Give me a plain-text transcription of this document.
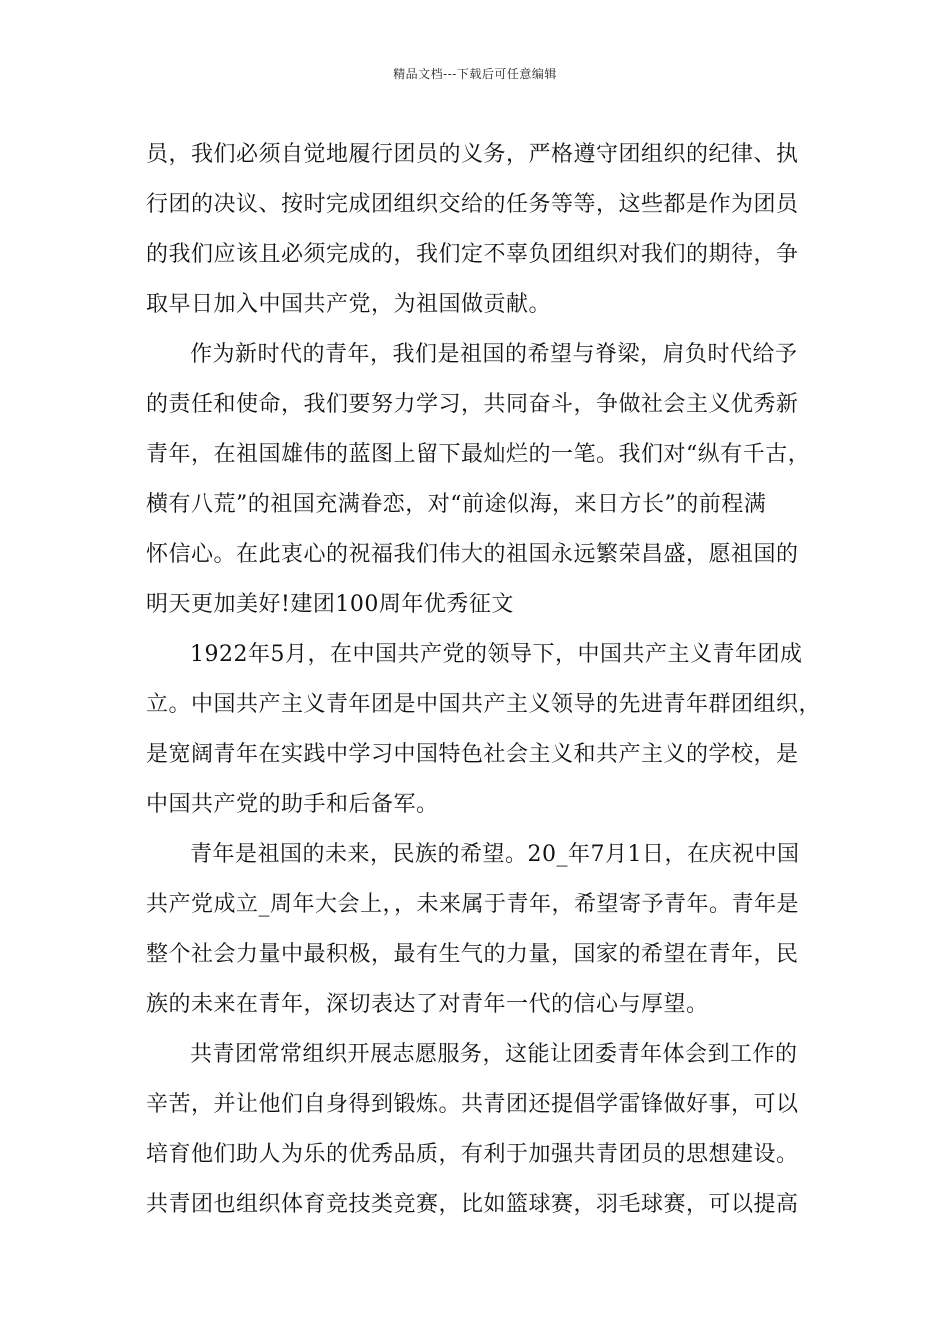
精品文档---下载后可任意编辑
员，我们必须自觉地履行团员的义务，严格遵守团组织的纪律、执
行团的决议、按时完成团组织交给的任务等等，这些都是作为团员
的我们应该且必须完成的，我们定不辜负团组织对我们的期待，争
取早日加入中国共产党，为祖国做贡献。
作为新时代的青年，我们是祖国的希望与脊梁，肩负时代给予
的责任和使命，我们要努力学习，共同奋斗，争做社会主义优秀新
青年，在祖国雄伟的蓝图上留下最灿烂的一笔。我们对“纵有千古，
横有八荒”的祖国充满眷恋，对“前途似海，来日方长”的前程满
怀信心。在此衷心的祝福我们伟大的祖国永远繁荣昌盛，愿祖国的
明天更加美好!建团100周年优秀征文
1922年5月，在中国共产党的领导下，中国共产主义青年团成
立。中国共产主义青年团是中国共产主义领导的先进青年群团组织，
是宽阔青年在实践中学习中国特色社会主义和共产主义的学校，是
中国共产党的助手和后备军。
青年是祖国的未来，民族的希望。20_年7月1日，在庆祝中国
共产党成立_周年大会上，，未来属于青年，希望寄予青年。青年是
整个社会力量中最积极，最有生气的力量，国家的希望在青年，民
族的未来在青年，深切表达了对青年一代的信心与厚望。
共青团常常组织开展志愿服务，这能让团委青年体会到工作的
辛苦，并让他们自身得到锻炼。共青团还提倡学雷锋做好事，可以
培育他们助人为乐的优秀品质，有利于加强共青团员的思想建设。
共青团也组织体育竞技类竞赛，比如篮球赛，羽毛球赛，可以提高
